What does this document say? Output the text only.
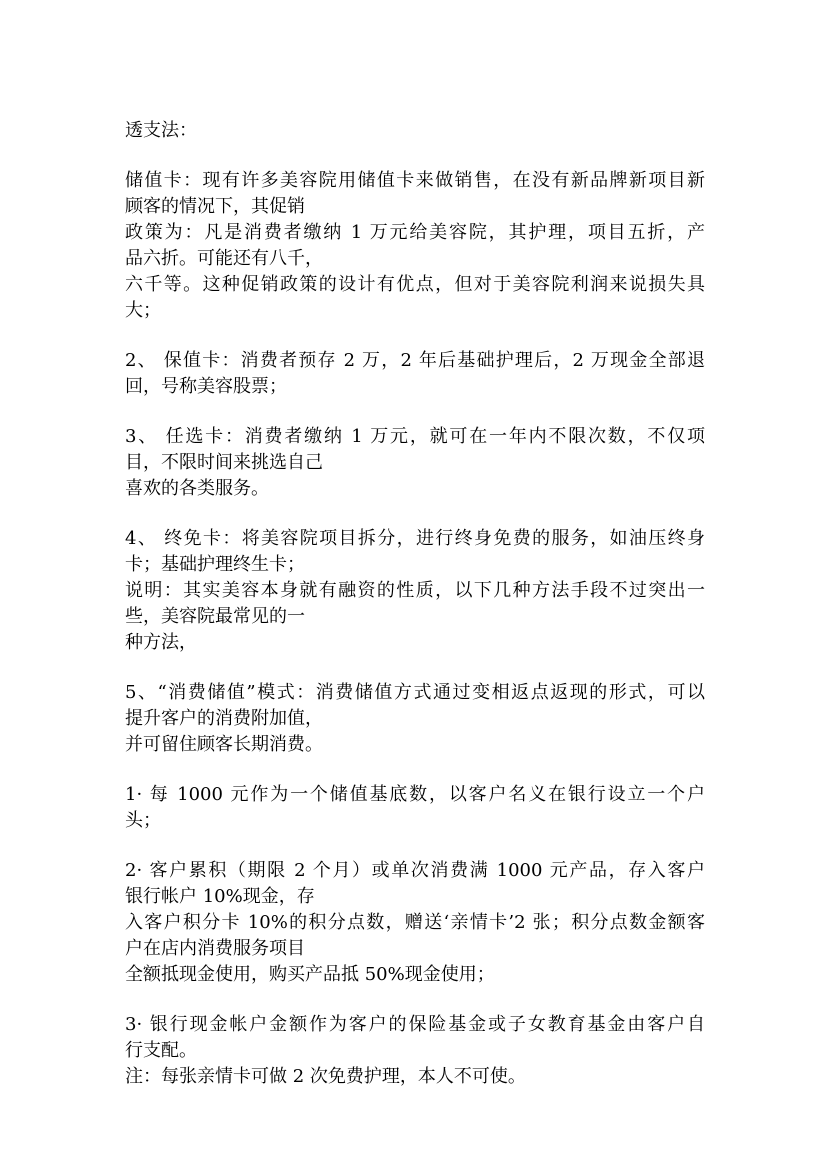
透支法：
储值卡：现有许多美容院用储值卡来做销售，在没有新品牌新项目新
顾客的情况下，其促销
政策为：凡是消费者缴纳 1 万元给美容院，其护理，项目五折，产
品六折。可能还有八千，
六千等。这种促销政策的设计有优点，但对于美容院利润来说损失具
大；
2、 保值卡：消费者预存 2 万，2 年后基础护理后，2 万现金全部退
回，号称美容股票；
3、 任选卡：消费者缴纳 1 万元，就可在一年内不限次数，不仅项
目，不限时间来挑选自己
喜欢的各类服务。
4、 终免卡：将美容院项目拆分，进行终身免费的服务，如油压终身
卡；基础护理终生卡；
说明：其实美容本身就有融资的性质，以下几种方法手段不过突出一
些，美容院最常见的一
种方法，
5、“消费储值”模式：消费储值方式通过变相返点返现的形式，可以
提升客户的消费附加值，
并可留住顾客长期消费。
1· 每 1000 元作为一个储值基底数，以客户名义在银行设立一个户
头；
2· 客户累积（期限 2 个月）或单次消费满 1000 元产品，存入客户
银行帐户 10%现金，存
入客户积分卡 10%的积分点数，赠送‘亲情卡’2 张；积分点数金额客
户在店内消费服务项目
全额抵现金使用，购买产品抵 50%现金使用；
3· 银行现金帐户金额作为客户的保险基金或子女教育基金由客户自
行支配。
注：每张亲情卡可做 2 次免费护理，本人不可使。
